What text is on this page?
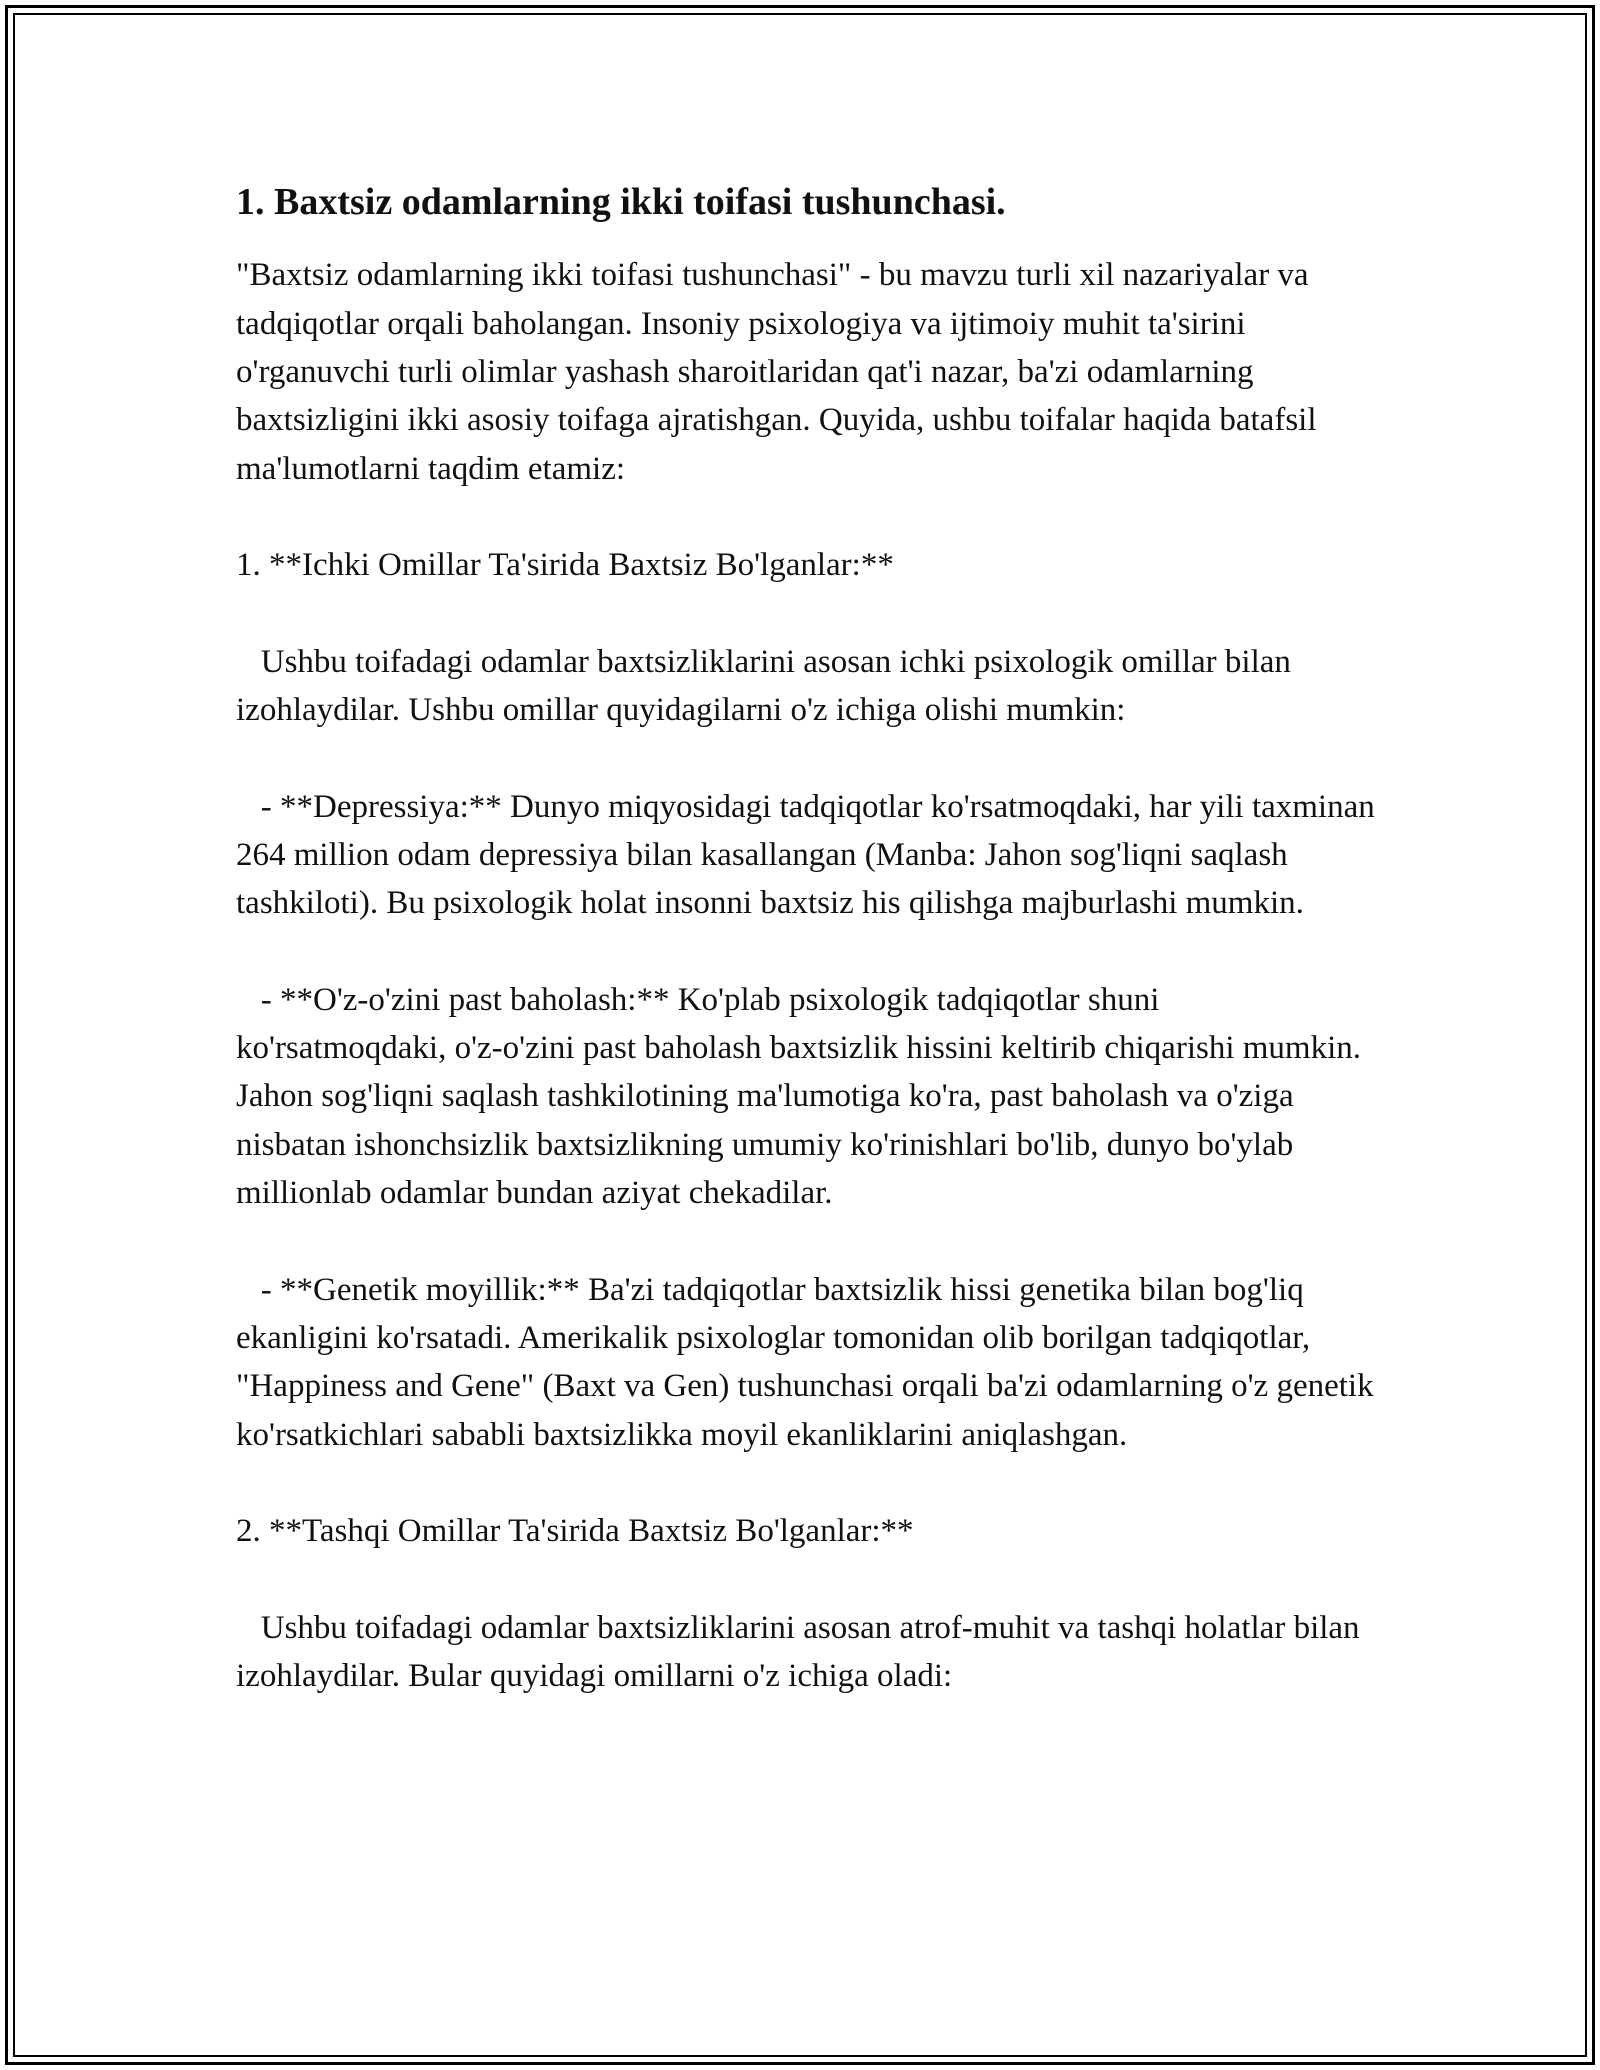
1. Baxtsiz odamlarning ikki toifasi tushunchasi.
"Baxtsiz odamlarning ikki toifasi tushunchasi" - bu mavzu turli xil nazariyalar va tadqiqotlar orqali baholangan. Insoniy psixologiya va ijtimoiy muhit ta'sirini o'rganuvchi turli olimlar yashash sharoitlaridan qat'i nazar, ba'zi odamlarning baxtsizligini ikki asosiy toifaga ajratishgan. Quyida, ushbu toifalar haqida batafsil ma'lumotlarni taqdim etamiz:

1. **Ichki Omillar Ta'sirida Baxtsiz Bo'lganlar:**

Ushbu toifadagi odamlar baxtsizliklarini asosan ichki psixologik omillar bilan izohlaydilar. Ushbu omillar quyidagilarni o'z ichiga olishi mumkin:

- **Depressiya:** Dunyo miqyosidagi tadqiqotlar ko'rsatmoqdaki, har yili taxminan 264 million odam depressiya bilan kasallangan (Manba: Jahon sog'liqni saqlash tashkiloti). Bu psixologik holat insonni baxtsiz his qilishga majburlashi mumkin.

- **O'z-o'zini past baholash:** Ko'plab psixologik tadqiqotlar shuni ko'rsatmoqdaki, o'z-o'zini past baholash baxtsizlik hissini keltirib chiqarishi mumkin. Jahon sog'liqni saqlash tashkilotining ma'lumotiga ko'ra, past baholash va o'ziga nisbatan ishonchsizlik baxtsizlikning umumiy ko'rinishlari bo'lib, dunyo bo'ylab millionlab odamlar bundan aziyat chekadilar.

- **Genetik moyillik:** Ba'zi tadqiqotlar baxtsizlik hissi genetika bilan bog'liq ekanligini ko'rsatadi. Amerikalik psixologlar tomonidan olib borilgan tadqiqotlar, "Happiness and Gene" (Baxt va Gen) tushunchasi orqali ba'zi odamlarning o'z genetik ko'rsatkichlari sababli baxtsizlikka moyil ekanliklarini aniqlashgan.

2. **Tashqi Omillar Ta'sirida Baxtsiz Bo'lganlar:**

Ushbu toifadagi odamlar baxtsizliklarini asosan atrof-muhit va tashqi holatlar bilan izohlaydilar. Bular quyidagi omillarni o'z ichiga oladi:
